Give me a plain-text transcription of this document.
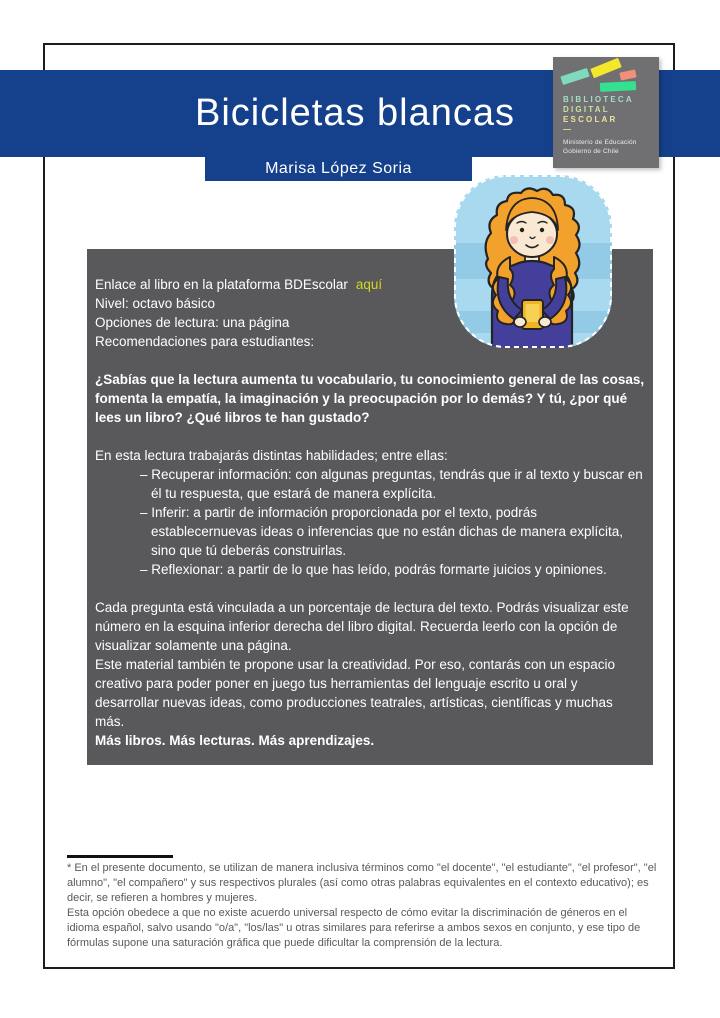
Bicicletas blancas
Marisa López Soria
BIBLIOTECA
DIGITAL
ESCOLAR
—
Ministerio de Educación
Gobierno de Chile

Enlace al libro en la plataforma BDEscolar aquí

Nivel: octavo básico

Opciones de lectura: una página

Recomendaciones para estudiantes:

¿Sabías que la lectura aumenta tu vocabulario, tu conocimiento general de las cosas, fomenta la empatía, la imaginación y la preocupación por lo demás? Y tú, ¿por qué lees un libro? ¿Qué libros te han gustado?

En esta lectura trabajarás distintas habilidades; entre ellas:

– Recuperar información: con algunas preguntas, tendrás que ir al texto y buscar en él tu respuesta, que estará de manera explícita.
– Inferir: a partir de información proporcionada por el texto, podrás establecernuevas ideas o inferencias que no están dichas de manera explícita, sino que tú deberás construirlas.
– Reflexionar: a partir de lo que has leído, podrás formarte juicios y opiniones.

Cada pregunta está vinculada a un porcentaje de lectura del texto. Podrás visualizar este número en la esquina inferior derecha del libro digital. Recuerda leerlo con la opción de visualizar solamente una página.

Este material también te propone usar la creatividad. Por eso, contarás con un espacio creativo para poder poner en juego tus herramientas del lenguaje escrito u oral y desarrollar nuevas ideas, como producciones teatrales, artísticas, científicas y muchas más.

Más libros. Más lecturas. Más aprendizajes.

* En el presente documento, se utilizan de manera inclusiva términos como "el docente", "el estudiante", "el profesor", "el alumno", "el compañero" y sus respectivos plurales (así como otras palabras equivalentes en el contexto educativo); es decir, se refieren a hombres y mujeres.

Esta opción obedece a que no existe acuerdo universal respecto de cómo evitar la discriminación de géneros en el idioma español, salvo usando "o/a", "los/las" u otras similares para referirse a ambos sexos en conjunto, y ese tipo de fórmulas supone una saturación gráfica que puede dificultar la comprensión de la lectura.
